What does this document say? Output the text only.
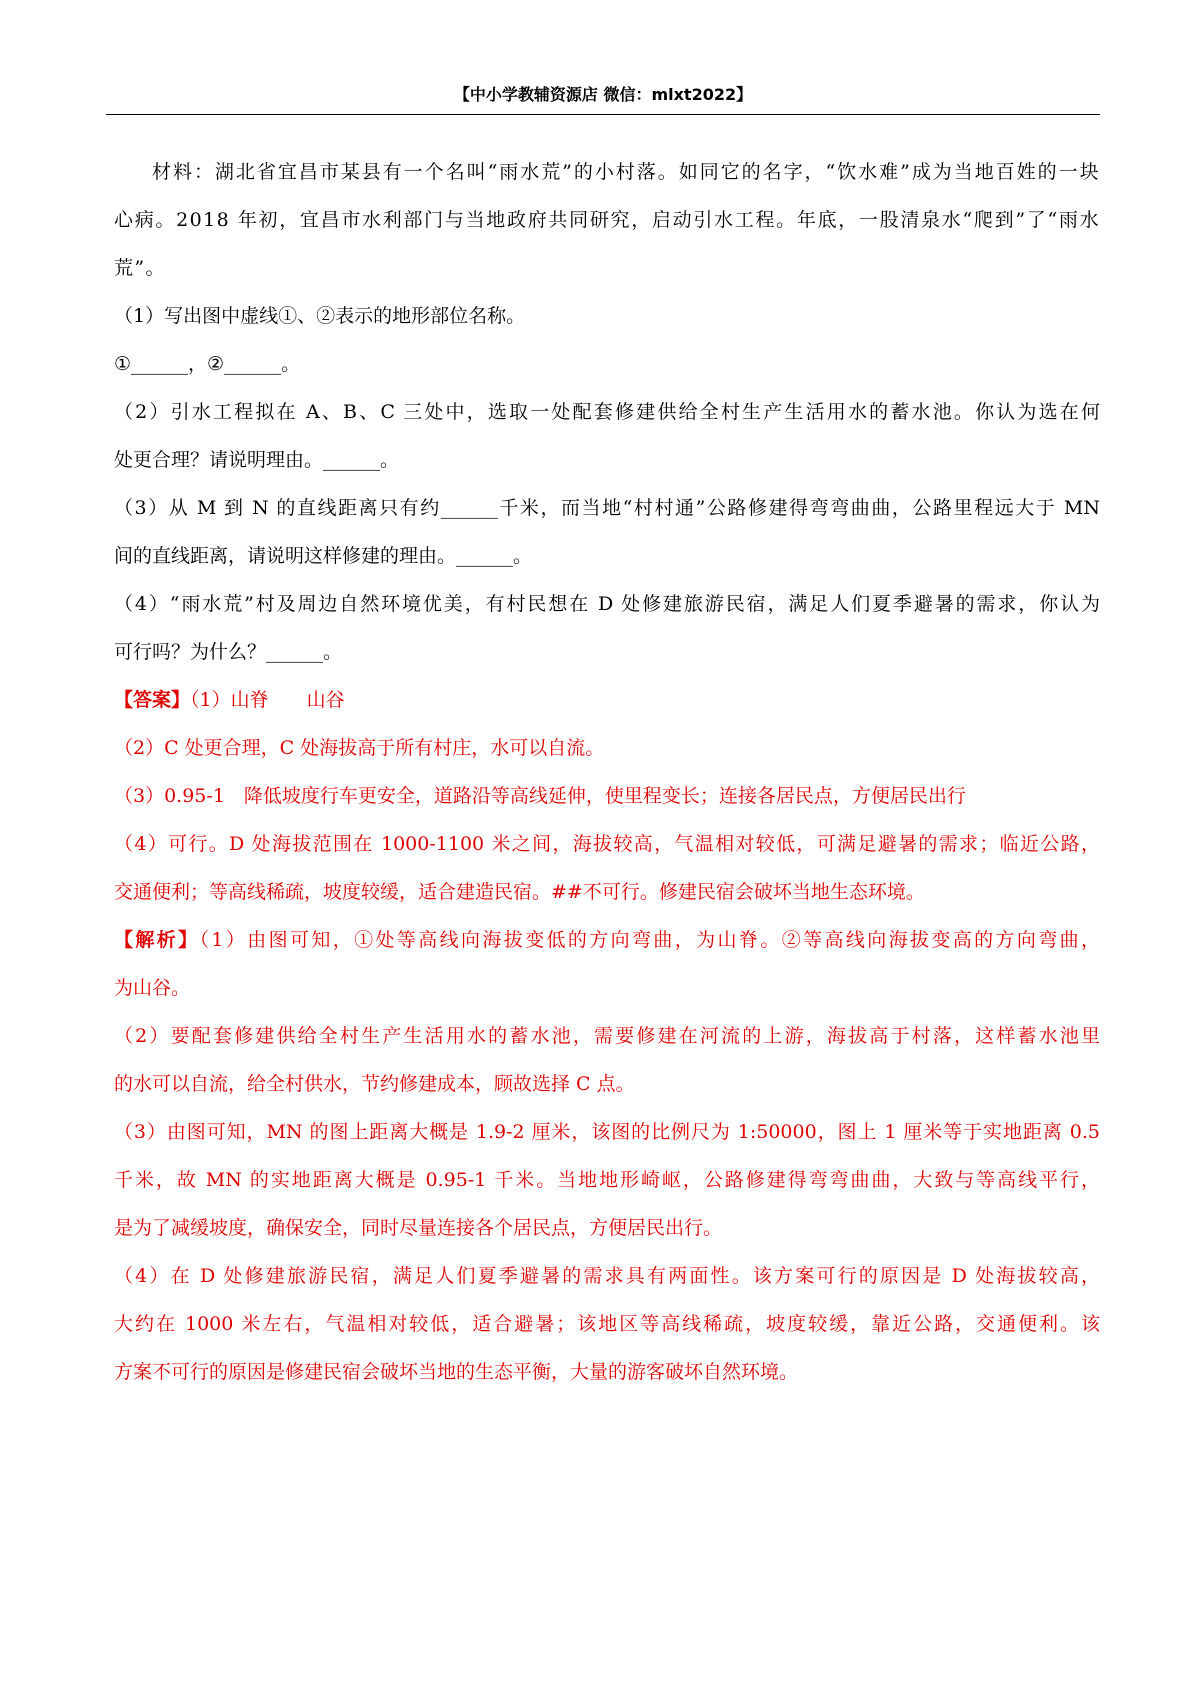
【中小学教辅资源店 微信：mlxt2022】
材料：湖北省宜昌市某县有一个名叫“雨水荒”的小村落。如同它的名字，“饮水难”成为当地百姓的一块
心病。2018 年初，宜昌市水利部门与当地政府共同研究，启动引水工程。年底，一股清泉水“爬到”了“雨水
荒”。
（1）写出图中虚线①、②表示的地形部位名称。
①______，②______。
（2）引水工程拟在 A、B、C 三处中，选取一处配套修建供给全村生产生活用水的蓄水池。你认为选在何
处更合理？请说明理由。______。
（3）从 M 到 N 的直线距离只有约______千米，而当地“村村通”公路修建得弯弯曲曲，公路里程远大于 MN
间的直线距离，请说明这样修建的理由。______。
（4）“雨水荒”村及周边自然环境优美，有村民想在 D 处修建旅游民宿，满足人们夏季避暑的需求，你认为
可行吗？为什么？______。
【答案】（1）山脊　　山谷
（2）C 处更合理，C 处海拔高于所有村庄，水可以自流。
（3）0.95-1　降低坡度行车更安全，道路沿等高线延伸，使里程变长；连接各居民点，方便居民出行
（4）可行。D 处海拔范围在 1000-1100 米之间，海拔较高，气温相对较低，可满足避暑的需求；临近公路，
交通便利；等高线稀疏，坡度较缓，适合建造民宿。##不可行。修建民宿会破坏当地生态环境。
【解析】（1）由图可知，①处等高线向海拔变低的方向弯曲，为山脊。②等高线向海拔变高的方向弯曲，
为山谷。
（2）要配套修建供给全村生产生活用水的蓄水池，需要修建在河流的上游，海拔高于村落，这样蓄水池里
的水可以自流，给全村供水，节约修建成本，顾故选择 C 点。
（3）由图可知，MN 的图上距离大概是 1.9-2 厘米，该图的比例尺为 1:50000，图上 1 厘米等于实地距离 0.5
千米，故 MN 的实地距离大概是 0.95-1 千米。当地地形崎岖，公路修建得弯弯曲曲，大致与等高线平行，
是为了减缓坡度，确保安全，同时尽量连接各个居民点，方便居民出行。
（4）在 D 处修建旅游民宿，满足人们夏季避暑的需求具有两面性。该方案可行的原因是 D 处海拔较高，
大约在 1000 米左右，气温相对较低，适合避暑；该地区等高线稀疏，坡度较缓，靠近公路，交通便利。该
方案不可行的原因是修建民宿会破坏当地的生态平衡，大量的游客破坏自然环境。
